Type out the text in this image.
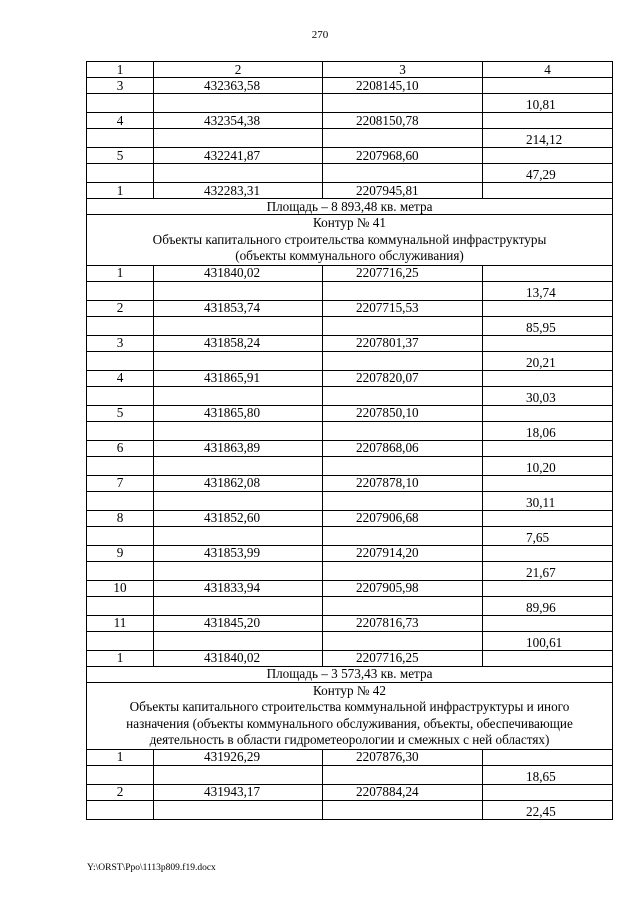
270
1	2	3	4
3	432363,58	2208145,10	
			10,81
4	432354,38	2208150,78	
			214,12
5	432241,87	2207968,60	
			47,29
1	432283,31	2207945,81	
Площадь – 8 893,48 кв. метра			

Контур № 41
Объекты капитального строительства коммунальной инфраструктуры
(объекты коммунального обслуживания)			

1	431840,02	2207716,25	
			13,74
2	431853,74	2207715,53	
			85,95
3	431858,24	2207801,37	
			20,21
4	431865,91	2207820,07	
			30,03
5	431865,80	2207850,10	
			18,06
6	431863,89	2207868,06	
			10,20
7	431862,08	2207878,10	
			30,11
8	431852,60	2207906,68	
			7,65
9	431853,99	2207914,20	
			21,67
10	431833,94	2207905,98	
			89,96
11	431845,20	2207816,73	
			100,61
1	431840,02	2207716,25	
Площадь – 3 573,43 кв. метра			

Контур № 42
Объекты капитального строительства коммунальной инфраструктуры и иного
назначения (объекты коммунального обслуживания, объекты, обеспечивающие
деятельность в области гидрометеорологии и смежных с ней областях)			

1	431926,29	2207876,30	
			18,65
2	431943,17	2207884,24	
			22,45
Y:\ORST\Ppo\1113p809.f19.docx
